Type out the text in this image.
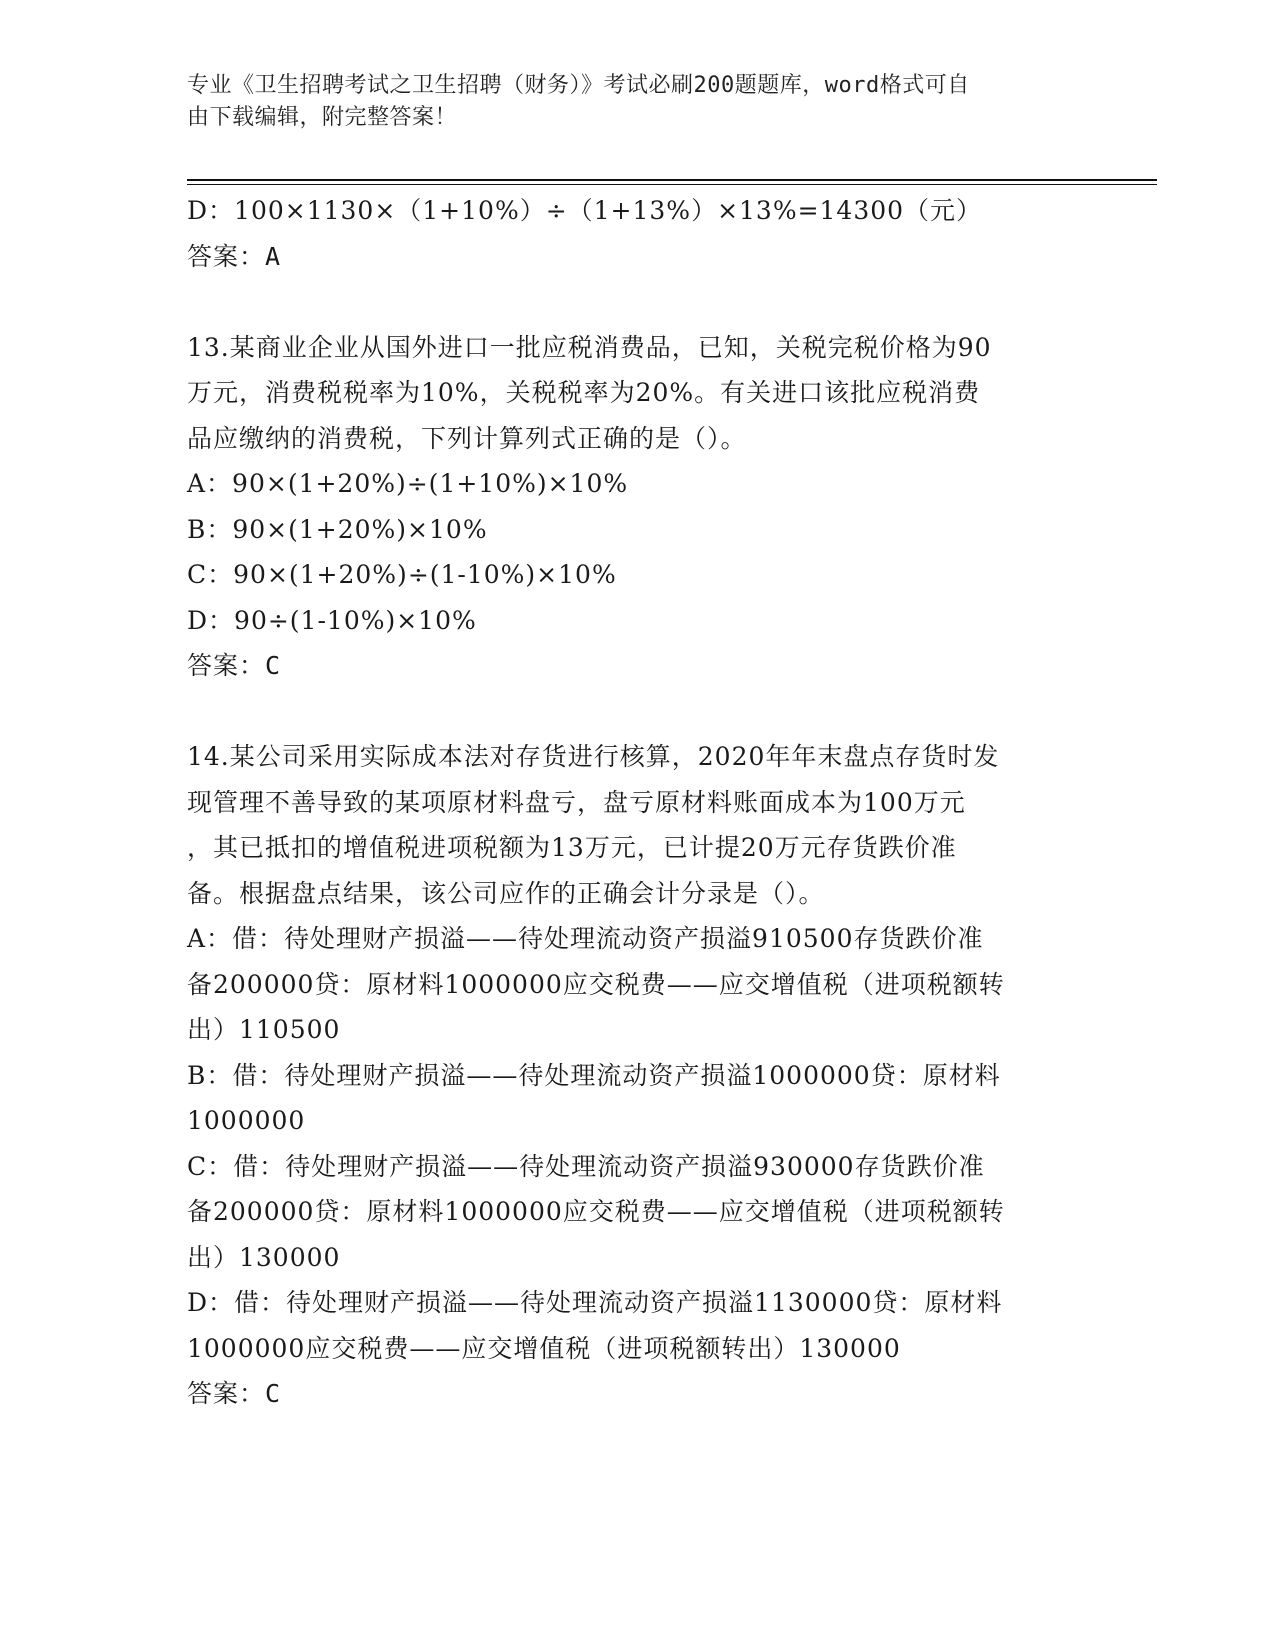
专业《卫生招聘考试之卫生招聘（财务）》考试必刷200题题库，word格式可自
由下载编辑，附完整答案！
D：100×1130×（1+10%）÷（1+13%）×13%=14300（元）
答案：A
13.某商业企业从国外进口一批应税消费品，已知，关税完税价格为90
万元，消费税税率为10%，关税税率为20%。有关进口该批应税消费
品应缴纳的消费税，下列计算列式正确的是（）。
A：90×(1+20%)÷(1+10%)×10%
B：90×(1+20%)×10%
C：90×(1+20%)÷(1-10%)×10%
D：90÷(1-10%)×10%
答案：C
14.某公司采用实际成本法对存货进行核算，2020年年末盘点存货时发
现管理不善导致的某项原材料盘亏，盘亏原材料账面成本为100万元
，其已抵扣的增值税进项税额为13万元，已计提20万元存货跌价准
备。根据盘点结果，该公司应作的正确会计分录是（）。
A：借：待处理财产损溢——待处理流动资产损溢910500存货跌价准
备200000贷：原材料1000000应交税费——应交增值税（进项税额转
出）110500
B：借：待处理财产损溢——待处理流动资产损溢1000000贷：原材料
1000000
C：借：待处理财产损溢——待处理流动资产损溢930000存货跌价准
备200000贷：原材料1000000应交税费——应交增值税（进项税额转
出）130000
D：借：待处理财产损溢——待处理流动资产损溢1130000贷：原材料
1000000应交税费——应交增值税（进项税额转出）130000
答案：C
